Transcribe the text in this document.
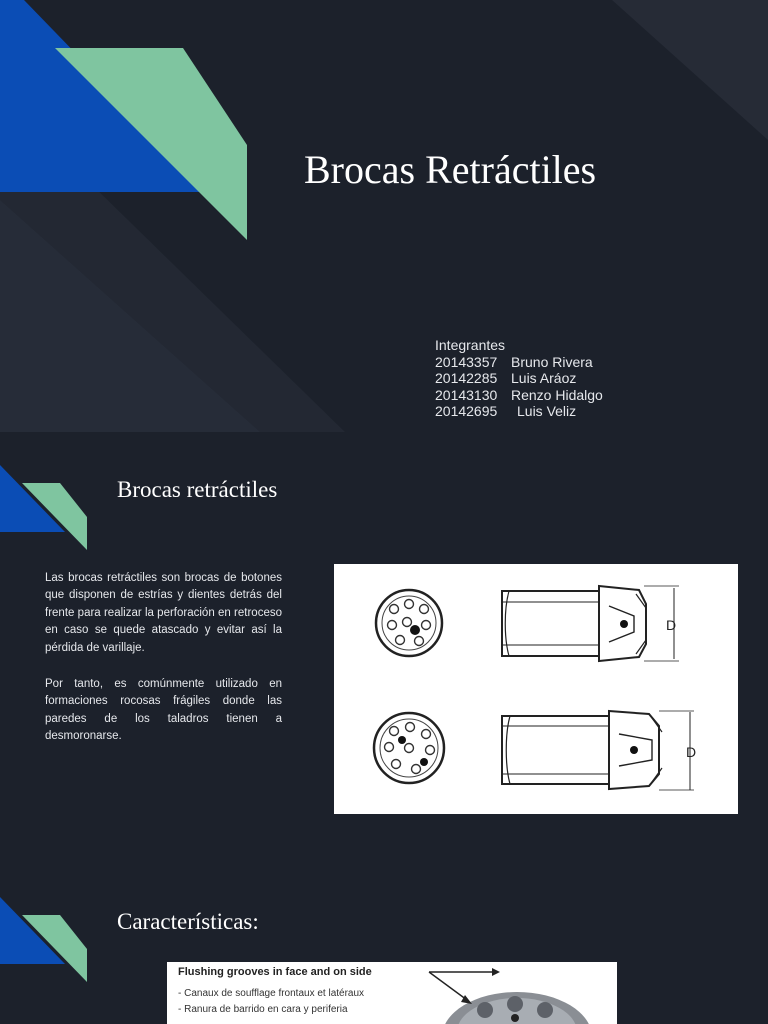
Brocas Retráctiles
Integrantes
20143357 Bruno Rivera
20142285 Luis Aráoz
20143130 Renzo Hidalgo
20142695	Luis Veliz
Brocas retráctiles

Las brocas retráctiles son brocas de botones que disponen de estrías y dientes detrás del frente para realizar la perforación en retroceso en caso se quede atascado y evitar así la pérdida de varillaje.

Por tanto, es comúnmente utilizado en formaciones rocosas frágiles donde las paredes de los taladros tienen a desmoronarse.

D
D
Características:
Flushing grooves in face and on side
- Canaux de soufflage frontaux et latéraux
- Ranura de barrido en cara y periferia
